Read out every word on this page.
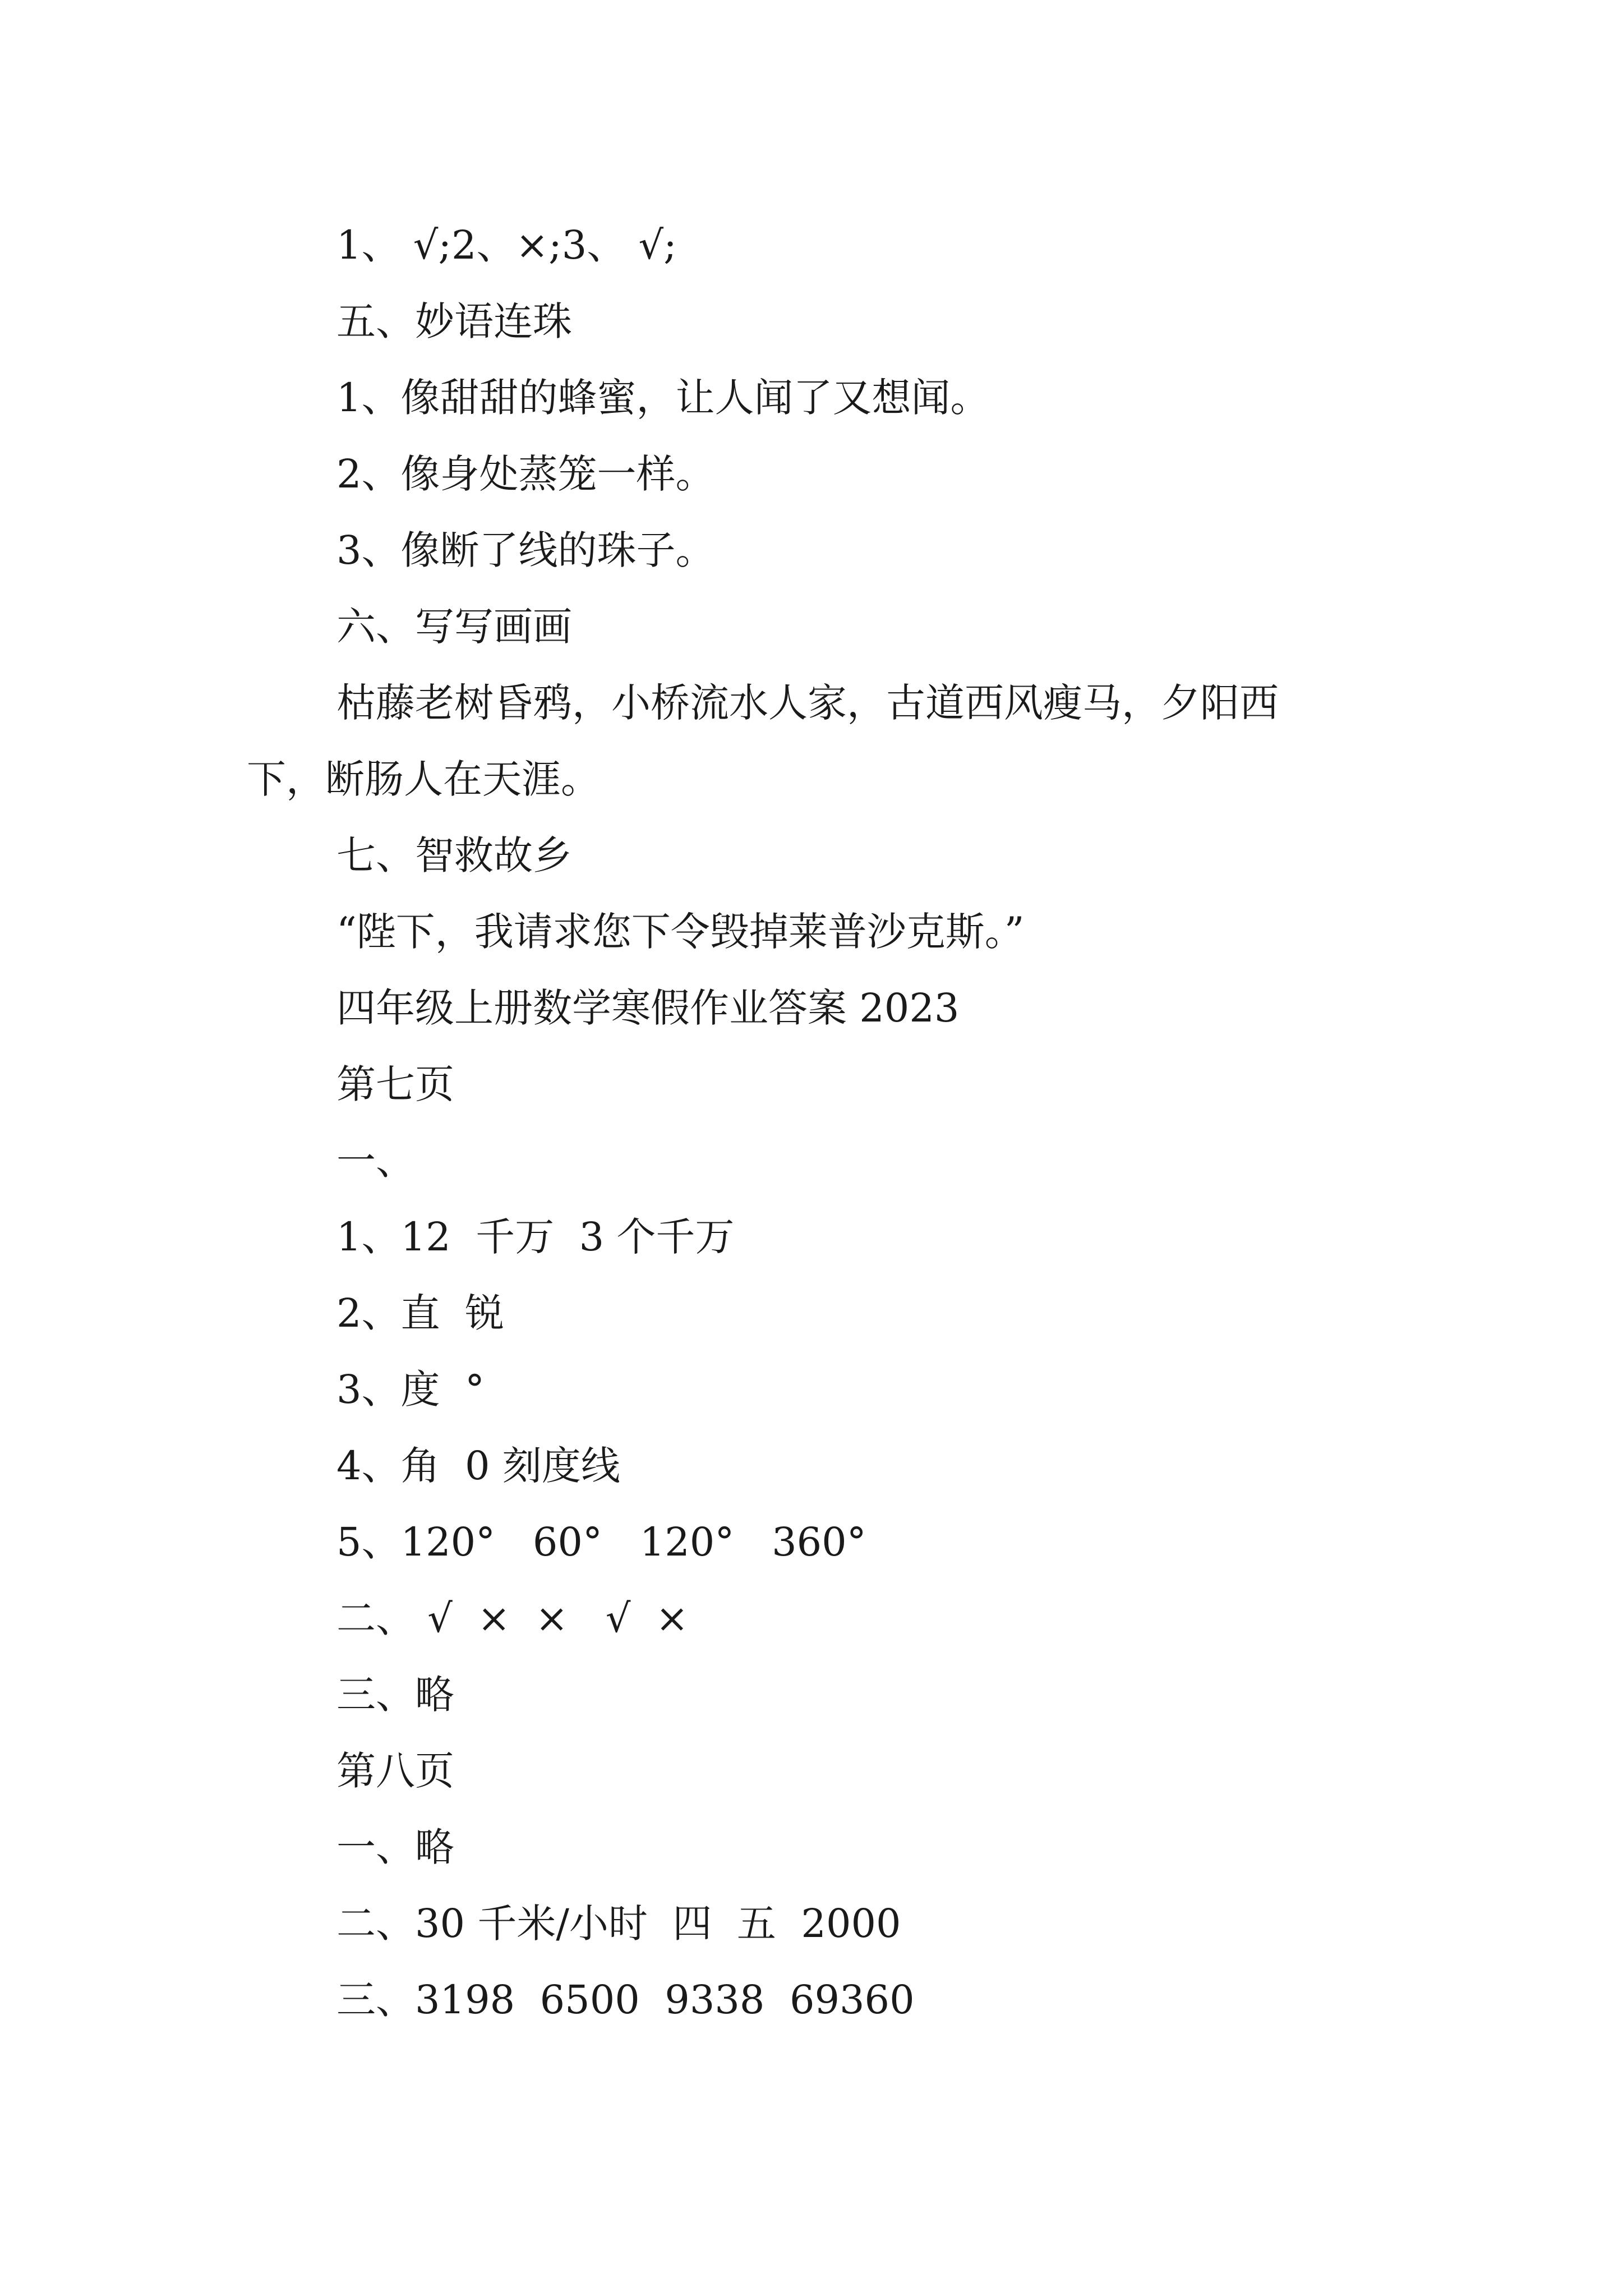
1、 √;2、×;3、 √;
五、妙语连珠
1、像甜甜的蜂蜜，让人闻了又想闻。
2、像身处蒸笼一样。
3、像断了线的珠子。
六、写写画画
枯藤老树昏鸦，小桥流水人家，古道西风瘦马，夕阳西
下，断肠人在天涯。
七、智救故乡
“陛下，我请求您下令毁掉莱普沙克斯。”
四年级上册数学寒假作业答案 2023
第七页
一、
1、12  千万  3 个千万
2、直  锐
3、度  °
4、角  0 刻度线
5、120°   60°   120°   360°
二、 √  ×  ×   √  ×
三、略
第八页
一、略
二、30 千米/小时  四  五  2000
三、3198  6500  9338  69360
